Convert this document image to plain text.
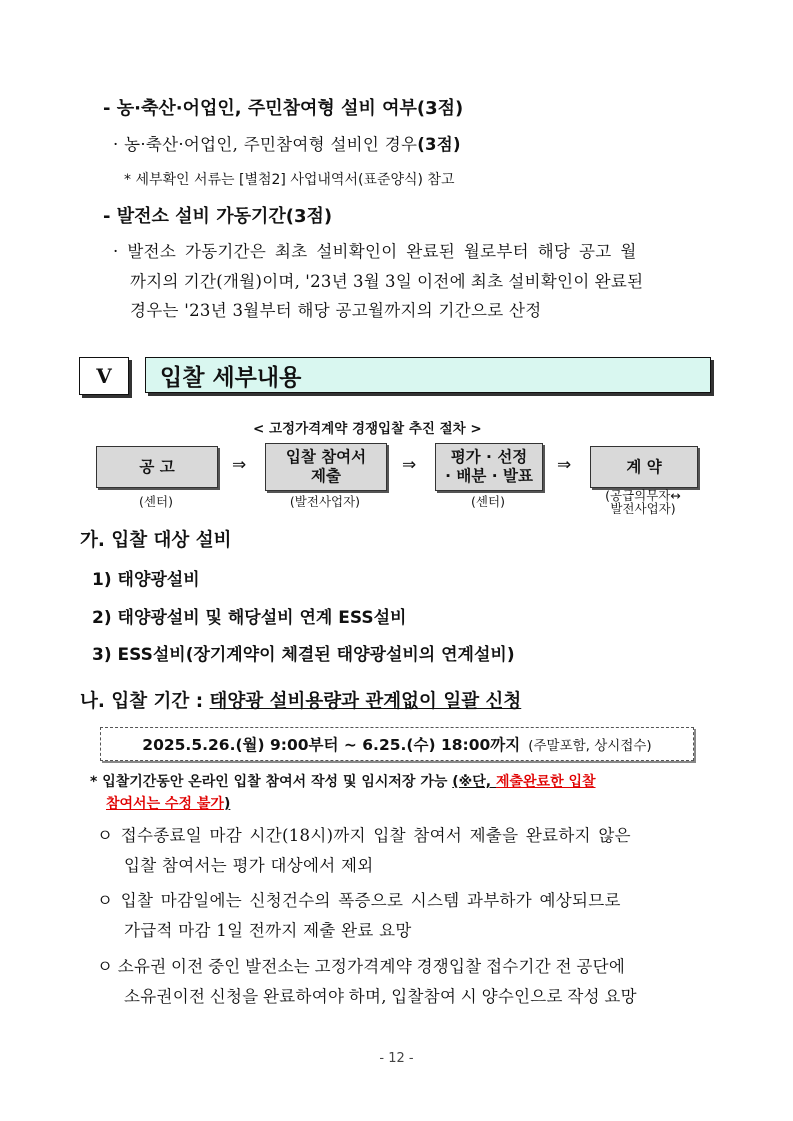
- 농·축산·어업인, 주민참여형 설비 여부(3점)
· 농·축산·어업인, 주민참여형 설비인 경우(3점)
* 세부확인 서류는 [별첨2] 사업내역서(표준양식) 참고
- 발전소 설비 가동기간(3점)
· 발전소 가동기간은 최초 설비확인이 완료된 월로부터 해당 공고 월
까지의 기간(개월)이며, '23년 3월 3일 이전에 최초 설비확인이 완료된
경우는 '23년 3월부터 해당 공고월까지의 기간으로 산정
Ⅴ	입찰 세부내용
< 고정가격계약 경쟁입찰 추진 절차 >
공 고	⇒	입찰 참여서
제출
⇒	평가 · 선정
· 배분 · 발표
⇒	계 약
(센터)	(발전사업자)	(센터)	(공급의무자↔
발전사업자)
가. 입찰 대상 설비
1) 태양광설비
2) 태양광설비 및 해당설비 연계 ESS설비
3) ESS설비(장기계약이 체결된 태양광설비의 연계설비)
나. 입찰 기간 : 태양광 설비용량과 관계없이 일괄 신청
2025.5.26.(월) 9:00부터 ~ 6.25.(수) 18:00까지 (주말포함, 상시접수)
* 입찰기간동안 온라인 입찰 참여서 작성 및 임시저장 가능 (※단, 제출완료한 입찰
참여서는 수정 불가)
ㅇ 접수종료일 마감 시간(18시)까지 입찰 참여서 제출을 완료하지 않은
입찰 참여서는 평가 대상에서 제외
ㅇ 입찰 마감일에는 신청건수의 폭증으로 시스템 과부하가 예상되므로
가급적 마감 1일 전까지 제출 완료 요망
ㅇ 소유권 이전 중인 발전소는 고정가격계약 경쟁입찰 접수기간 전 공단에
소유권이전 신청을 완료하여야 하며, 입찰참여 시 양수인으로 작성 요망
- 12 -
